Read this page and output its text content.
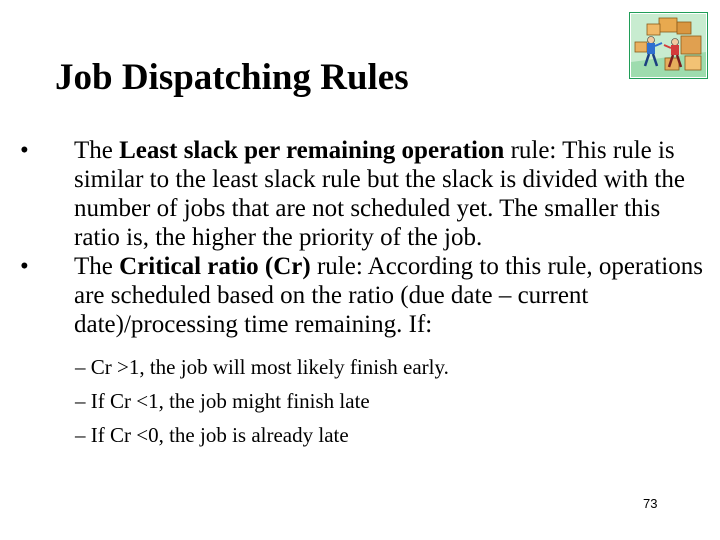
Job Dispatching Rules

•	The Least slack per remaining operation rule: This rule is similar to the least slack rule but the slack is divided with the number of jobs that are not scheduled yet. The smaller this ratio is, the higher the priority of the job.

•	The Critical ratio (Cr) rule: According to this rule, operations are scheduled based on the ratio (due date – current date)/processing time remaining. If:

– Cr >1, the job will most likely finish early.
– If Cr <1, the job might finish late
– If Cr <0, the job is already late
73
